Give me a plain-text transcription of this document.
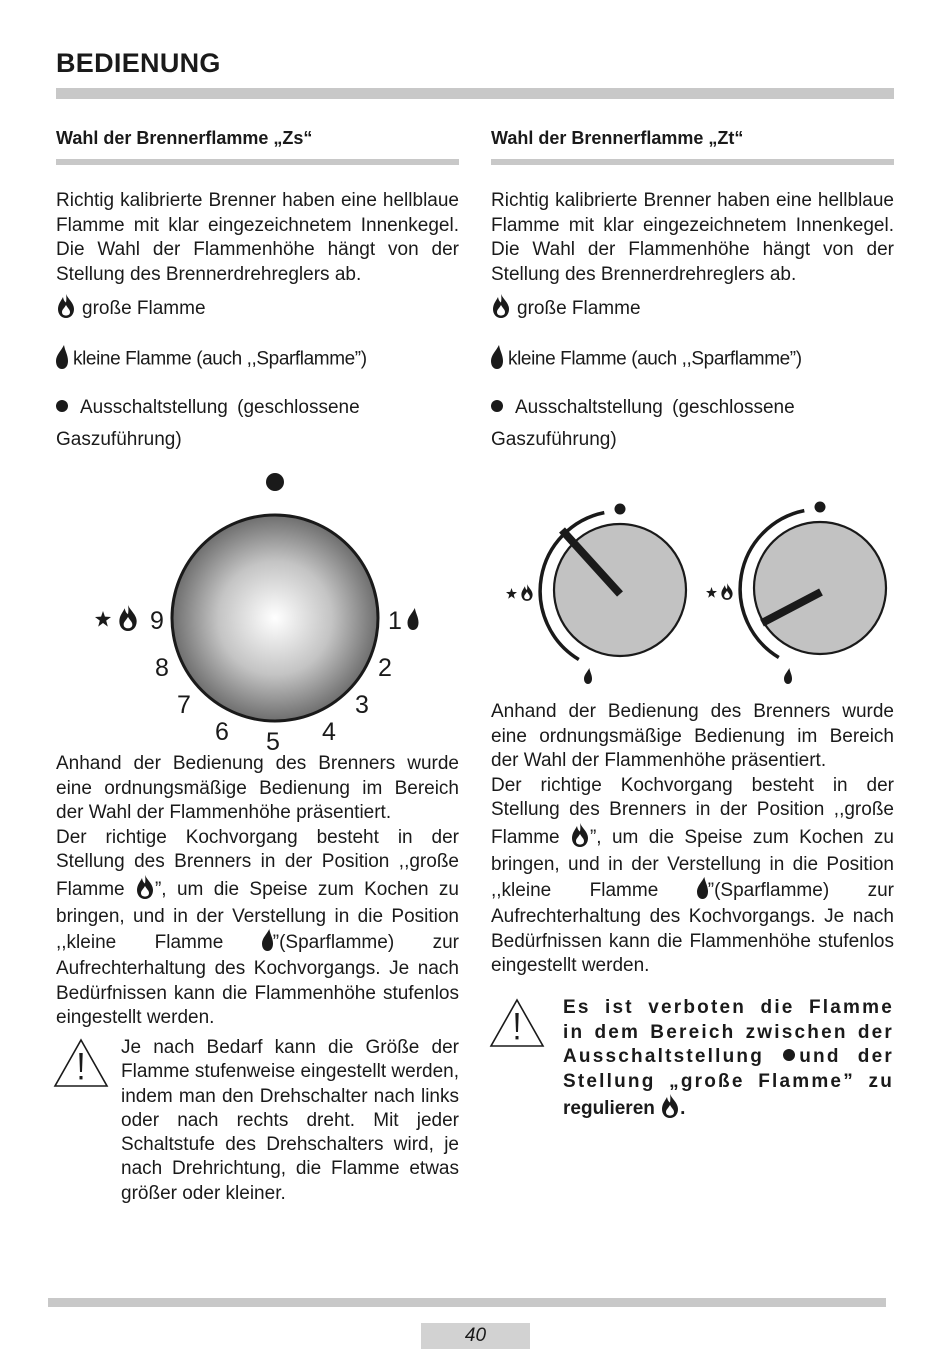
BEDIENUNG
Wahl der Brennerflamme „Zs“
Richtig kalibrierte Brenner haben eine hellblaue Flamme mit klar eingezeichnetem Innenkegel. Die Wahl der Flammenhöhe hängt von der Stellung des Brennerdrehreglers ab.
große Flamme
kleine Flamme (auch ,,Sparflamme”)
Ausschaltstellung (geschlossene
Gaszuführung)
1
2
3
4
5
6
7
8
9
Anhand der Bedienung des Brenners wurde eine ordnungsmäßige Bedienung im Bereich der Wahl der Flammenhöhe präsentiert.
Der richtige Kochvorgang besteht in der Stellung des Brenners in der Position ,,große Flamme ”, um die Speise zum Kochen zu bringen, und in der Verstellung in die Position ,,kleine Flamme ”(Sparflamme) zur Aufrechterhaltung des Kochvorgangs. Je nach Bedürfnissen kann die Flammenhöhe stufenlos eingestellt werden.
Je nach Bedarf kann die Größe der Flamme stufenweise eingestellt werden, indem man den Drehschalter nach links oder nach rechts dreht. Mit jeder Schaltstufe des Drehschalters wird, je nach Drehrichtung, die Flamme etwas größer oder kleiner.
Wahl der Brennerflamme „Zt“
Richtig kalibrierte Brenner haben eine hellblaue Flamme mit klar eingezeichnetem Innenkegel. Die Wahl der Flammenhöhe hängt von der Stellung des Brennerdrehreglers ab.
große Flamme
kleine Flamme (auch ,,Sparflamme”)
Ausschaltstellung (geschlossene
Gaszuführung)
Anhand der Bedienung des Brenners wurde eine ordnungsmäßige Bedienung im Bereich der Wahl der Flammenhöhe präsentiert.
Der richtige Kochvorgang besteht in der Stellung des Brenners in der Position ,,große Flamme ”, um die Speise zum Kochen zu bringen, und in der Verstellung in die Position ,,kleine Flamme ”(Sparflamme) zur Aufrechterhaltung des Kochvorgangs. Je nach Bedürfnissen kann die Flammenhöhe stufenlos eingestellt werden.
Es ist verboten die Flamme in dem Bereich zwischen der Ausschaltstellung und der Stellung „große Flamme” zu
regulieren .
40
